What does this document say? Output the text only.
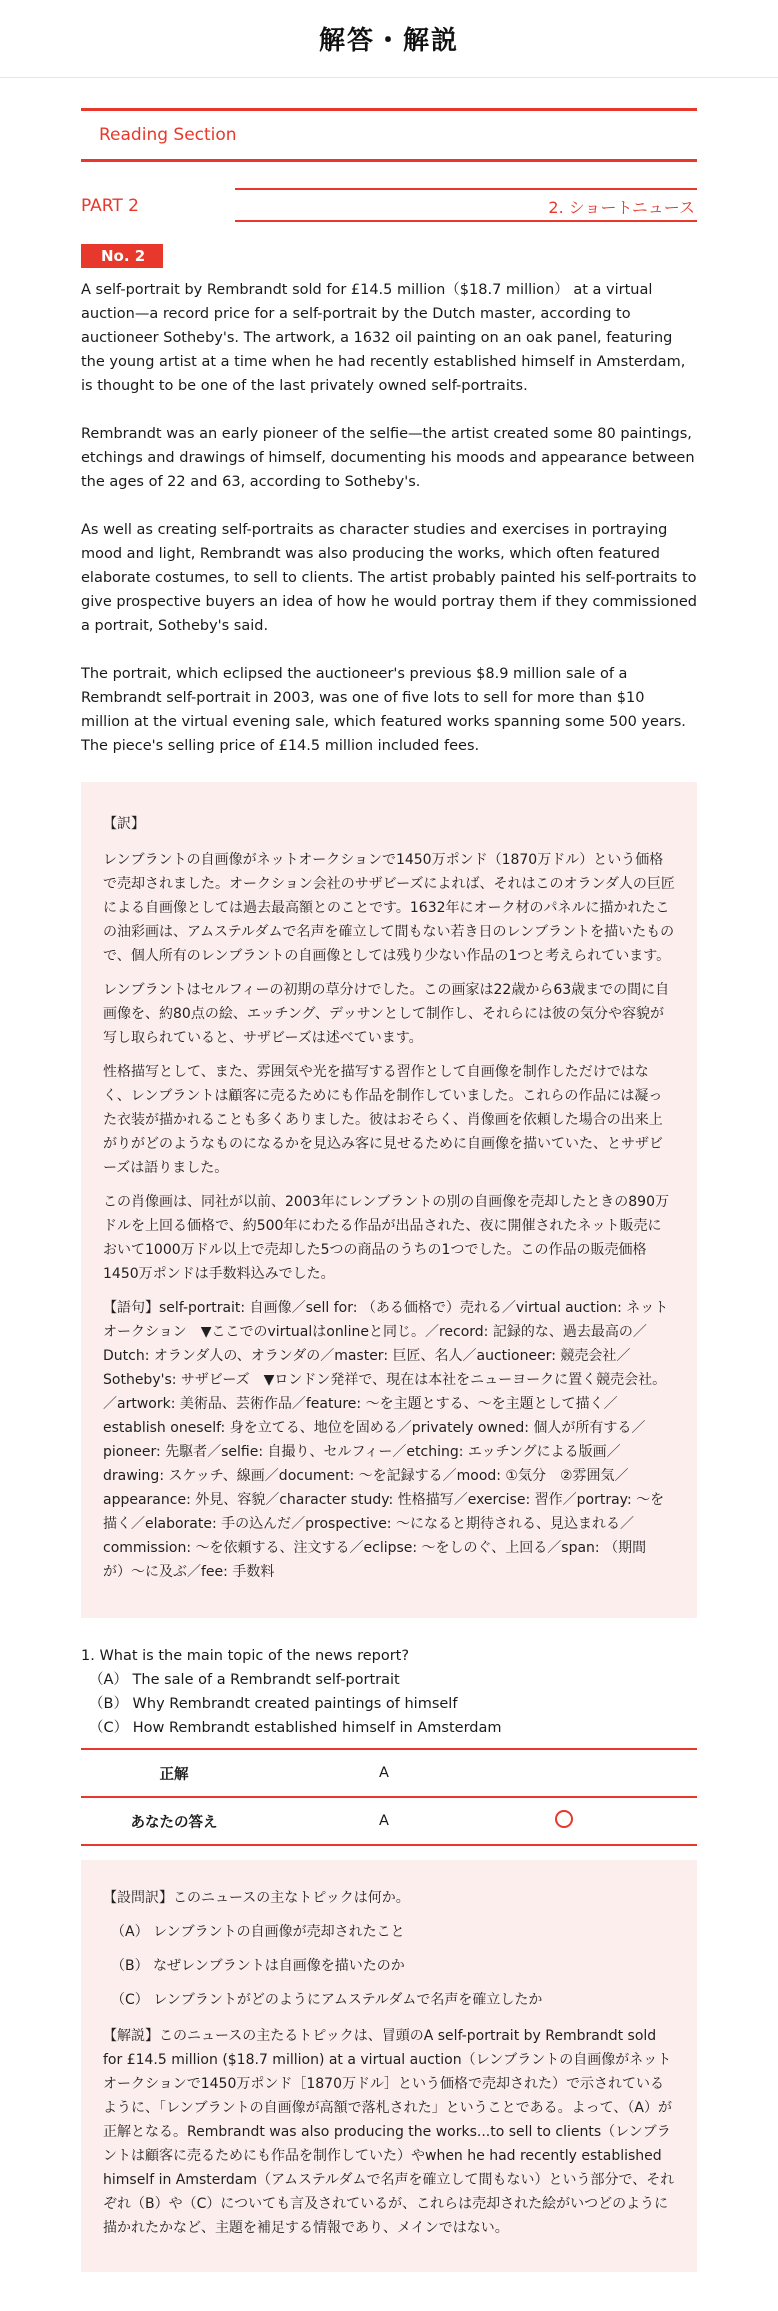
解答・解説
Reading Section
PART 2	2. ショートニュース
No. 2

A self-portrait by Rembrandt sold for £14.5 million（$18.7 million） at a virtual auction—a record price for a self-portrait by the Dutch master, according to auctioneer Sotheby's. The artwork, a 1632 oil painting on an oak panel, featuring the young artist at a time when he had recently established himself in Amsterdam, is thought to be one of the last privately owned self-portraits.

Rembrandt was an early pioneer of the selfie—the artist created some 80 paintings, etchings and drawings of himself, documenting his moods and appearance between the ages of 22 and 63, according to Sotheby's.

As well as creating self-portraits as character studies and exercises in portraying mood and light, Rembrandt was also producing the works, which often featured elaborate costumes, to sell to clients. The artist probably painted his self-portraits to give prospective buyers an idea of how he would portray them if they commissioned a portrait, Sotheby's said.

The portrait, which eclipsed the auctioneer's previous $8.9 million sale of a Rembrandt self-portrait in 2003, was one of five lots to sell for more than $10 million at the virtual evening sale, which featured works spanning some 500 years. The piece's selling price of £14.5 million included fees.

【訳】

レンブラントの自画像がネットオークションで1450万ポンド（1870万ドル）という価格で売却されました。オークション会社のサザビーズによれば、それはこのオランダ人の巨匠による自画像としては過去最高額とのことです。1632年にオーク材のパネルに描かれたこの油彩画は、アムステルダムで名声を確立して間もない若き日のレンブラントを描いたもので、個人所有のレンブラントの自画像としては残り少ない作品の1つと考えられています。

レンブラントはセルフィーの初期の草分けでした。この画家は22歳から63歳までの間に自画像を、約80点の絵、エッチング、デッサンとして制作し、それらには彼の気分や容貌が写し取られていると、サザビーズは述べています。

性格描写として、また、雰囲気や光を描写する習作として自画像を制作しただけではなく、レンブラントは顧客に売るためにも作品を制作していました。これらの作品には凝った衣装が描かれることも多くありました。彼はおそらく、肖像画を依頼した場合の出来上がりがどのようなものになるかを見込み客に見せるために自画像を描いていた、とサザビーズは語りました。

この肖像画は、同社が以前、2003年にレンブラントの別の自画像を売却したときの890万ドルを上回る価格で、約500年にわたる作品が出品された、夜に開催されたネット販売において1000万ドル以上で売却した5つの商品のうちの1つでした。この作品の販売価格1450万ポンドは手数料込みでした。

【語句】self-portrait: 自画像／sell for: （ある価格で）売れる／virtual auction: ネットオークション　▼ここでのvirtualはonlineと同じ。／record: 記録的な、過去最高の／Dutch: オランダ人の、オランダの／master: 巨匠、名人／auctioneer: 競売会社／Sotheby's: サザビーズ　▼ロンドン発祥で、現在は本社をニューヨークに置く競売会社。／artwork: 美術品、芸術作品／feature: 〜を主題とする、〜を主題として描く／establish oneself: 身を立てる、地位を固める／privately owned: 個人が所有する／pioneer: 先駆者／selfie: 自撮り、セルフィー／etching: エッチングによる版画／drawing: スケッチ、線画／document: 〜を記録する／mood: ①気分　②雰囲気／appearance: 外見、容貌／character study: 性格描写／exercise: 習作／portray: 〜を描く／elaborate: 手の込んだ／prospective: 〜になると期待される、見込まれる／commission: 〜を依頼する、注文する／eclipse: 〜をしのぐ、上回る／span: （期間が）〜に及ぶ／fee: 手数料

1. What is the main topic of the news report?
（A） The sale of a Rembrandt self-portrait
（B） Why Rembrandt created paintings of himself
（C） How Rembrandt established himself in Amsterdam
正解	A
あなたの答え	A

【設問訳】このニュースの主なトピックは何か。

（A） レンブラントの自画像が売却されたこと

（B） なぜレンブラントは自画像を描いたのか

（C） レンブラントがどのようにアムステルダムで名声を確立したか

【解説】このニュースの主たるトピックは、冒頭のA self-portrait by Rembrandt sold for £14.5 million ($18.7 million) at a virtual auction（レンブラントの自画像がネットオークションで1450万ポンド［1870万ドル］という価格で売却された）で示されているように、「レンブラントの自画像が高額で落札された」ということである。よって、（A）が正解となる。Rembrandt was also producing the works...to sell to clients（レンブラントは顧客に売るためにも作品を制作していた）やwhen he had recently established himself in Amsterdam（アムステルダムで名声を確立して間もない）という部分で、それぞれ（B）や（C）についても言及されているが、これらは売却された絵がいつどのように描かれたかなど、主題を補足する情報であり、メインではない。
